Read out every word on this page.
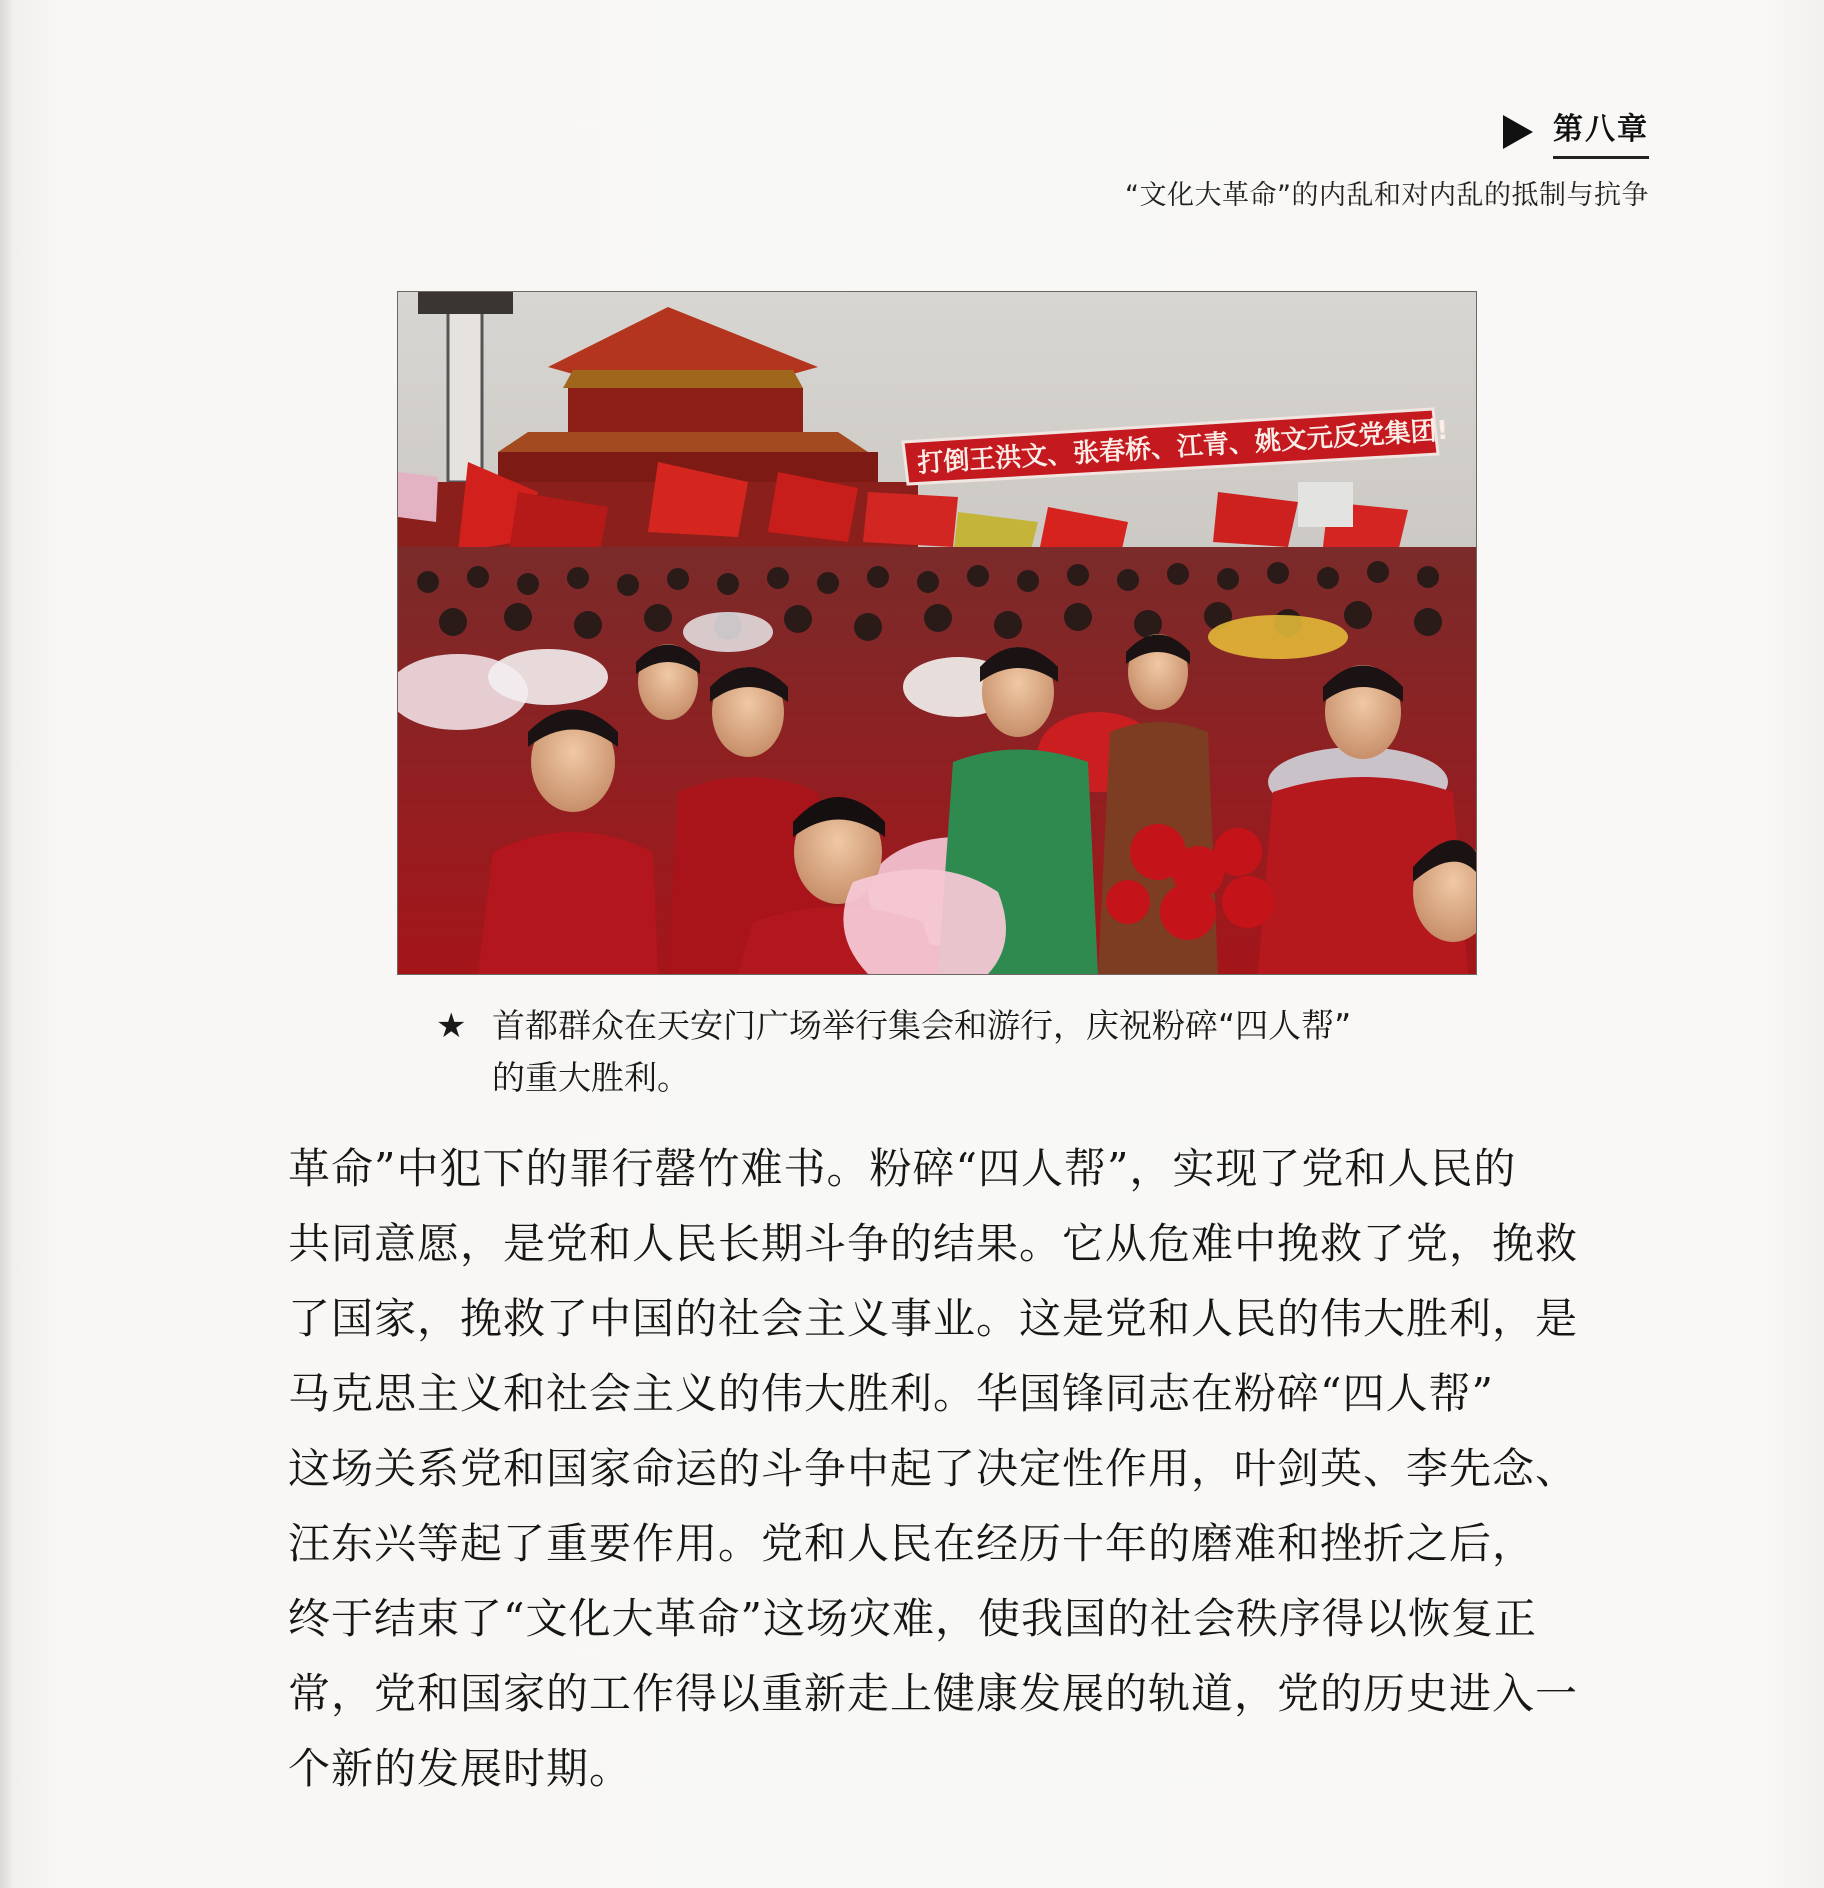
第八章
“文化大革命”的内乱和对内乱的抵制与抗争
打倒王洪文、张春桥、江青、姚文元反党集团!
★ 首都群众在天安门广场举行集会和游行，庆祝粉碎“四人帮”
的重大胜利。
革命”中犯下的罪行罄竹难书。粉碎“四人帮”，实现了党和人民的
共同意愿，是党和人民长期斗争的结果。它从危难中挽救了党，挽救
了国家，挽救了中国的社会主义事业。这是党和人民的伟大胜利，是
马克思主义和社会主义的伟大胜利。华国锋同志在粉碎“四人帮”
这场关系党和国家命运的斗争中起了决定性作用，叶剑英、李先念、
汪东兴等起了重要作用。党和人民在经历十年的磨难和挫折之后，
终于结束了“文化大革命”这场灾难，使我国的社会秩序得以恢复正
常，党和国家的工作得以重新走上健康发展的轨道，党的历史进入一
个新的发展时期。
